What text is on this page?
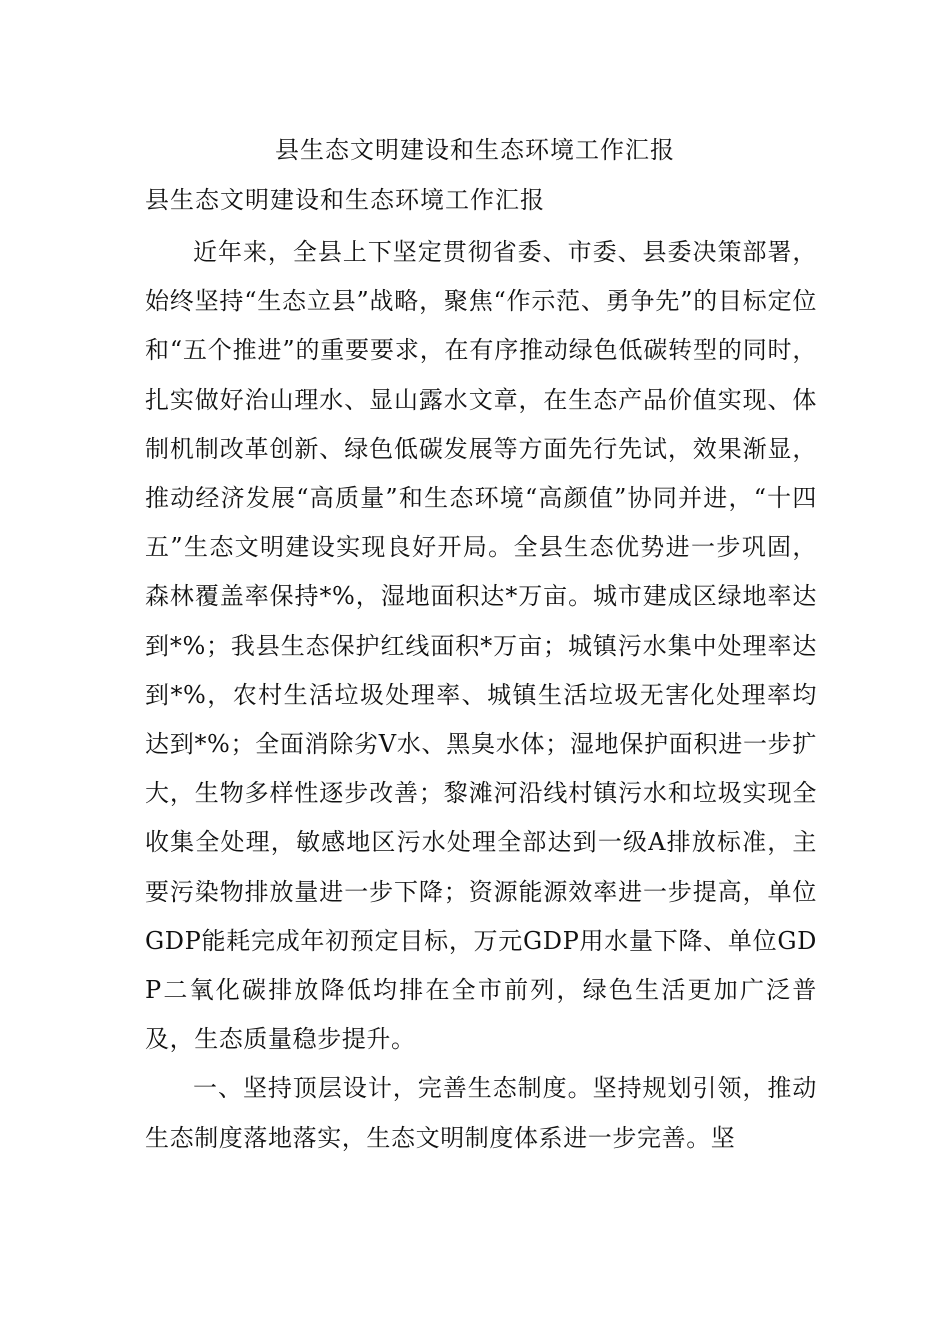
县生态文明建设和生态环境工作汇报
县生态文明建设和生态环境工作汇报

近年来，全县上下坚定贯彻省委、市委、县委决策部署，始终坚持“生态立县”战略，聚焦“作示范、勇争先”的目标定位和“五个推进”的重要要求，在有序推动绿色低碳转型的同时，扎实做好治山理水、显山露水文章，在生态产品价值实现、体制机制改革创新、绿色低碳发展等方面先行先试，效果渐显，推动经济发展“高质量”和生态环境“高颜值”协同并进，“十四五”生态文明建设实现良好开局。全县生态优势进一步巩固，森林覆盖率保持*%，湿地面积达*万亩。城市建成区绿地率达到*%；我县生态保护红线面积*万亩；城镇污水集中处理率达到*%，农村生活垃圾处理率、城镇生活垃圾无害化处理率均达到*%；全面消除劣Ⅴ水、黑臭水体；湿地保护面积进一步扩大，生物多样性逐步改善；黎滩河沿线村镇污水和垃圾实现全收集全处理，敏感地区污水处理全部达到一级A排放标准，主要污染物排放量进一步下降；资源能源效率进一步提高，单位GDP能耗完成年初预定目标，万元GDP用水量下降、单位GDP二氧化碳排放降低均排在全市前列，绿色生活更加广泛普及，生态质量稳步提升。

一、坚持顶层设计，完善生态制度。坚持规划引领，推动生态制度落地落实，生态文明制度体系进一步完善。坚
